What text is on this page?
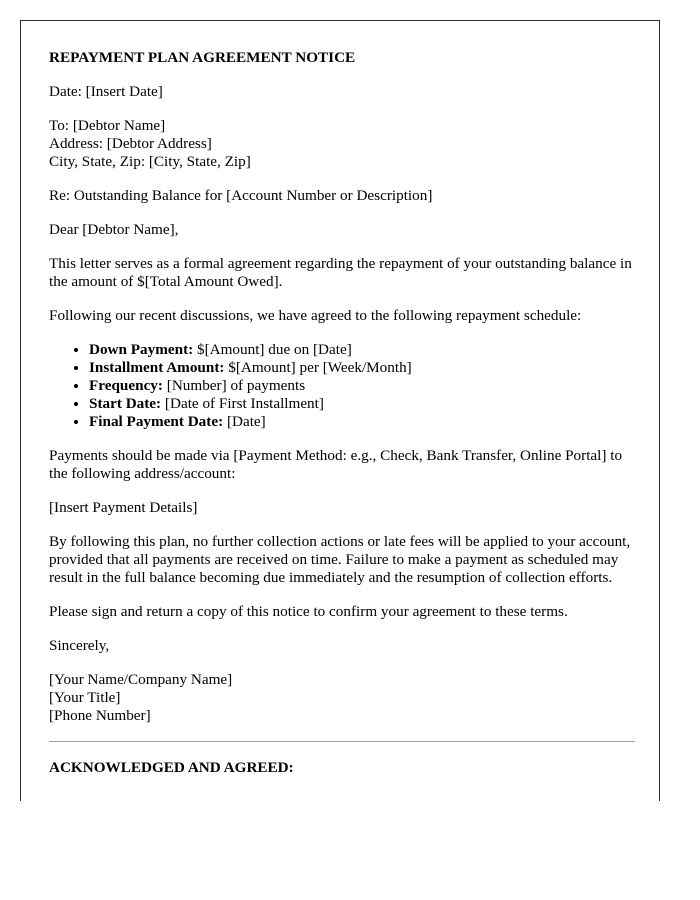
REPAYMENT PLAN AGREEMENT NOTICE

Date: [Insert Date]

To: [Debtor Name]
Address: [Debtor Address]
City, State, Zip: [City, State, Zip]

Re: Outstanding Balance for [Account Number or Description]

Dear [Debtor Name],

This letter serves as a formal agreement regarding the repayment of your outstanding balance in the amount of $[Total Amount Owed].

Following our recent discussions, we have agreed to the following repayment schedule:

• Down Payment: $[Amount] due on [Date]
• Installment Amount: $[Amount] per [Week/Month]
• Frequency: [Number] of payments
• Start Date: [Date of First Installment]
• Final Payment Date: [Date]

Payments should be made via [Payment Method: e.g., Check, Bank Transfer, Online Portal] to the following address/account:

[Insert Payment Details]

By following this plan, no further collection actions or late fees will be applied to your account, provided that all payments are received on time. Failure to make a payment as scheduled may result in the full balance becoming due immediately and the resumption of collection efforts.

Please sign and return a copy of this notice to confirm your agreement to these terms.

Sincerely,

[Your Name/Company Name]
[Your Title]
[Phone Number]

ACKNOWLEDGED AND AGREED:
